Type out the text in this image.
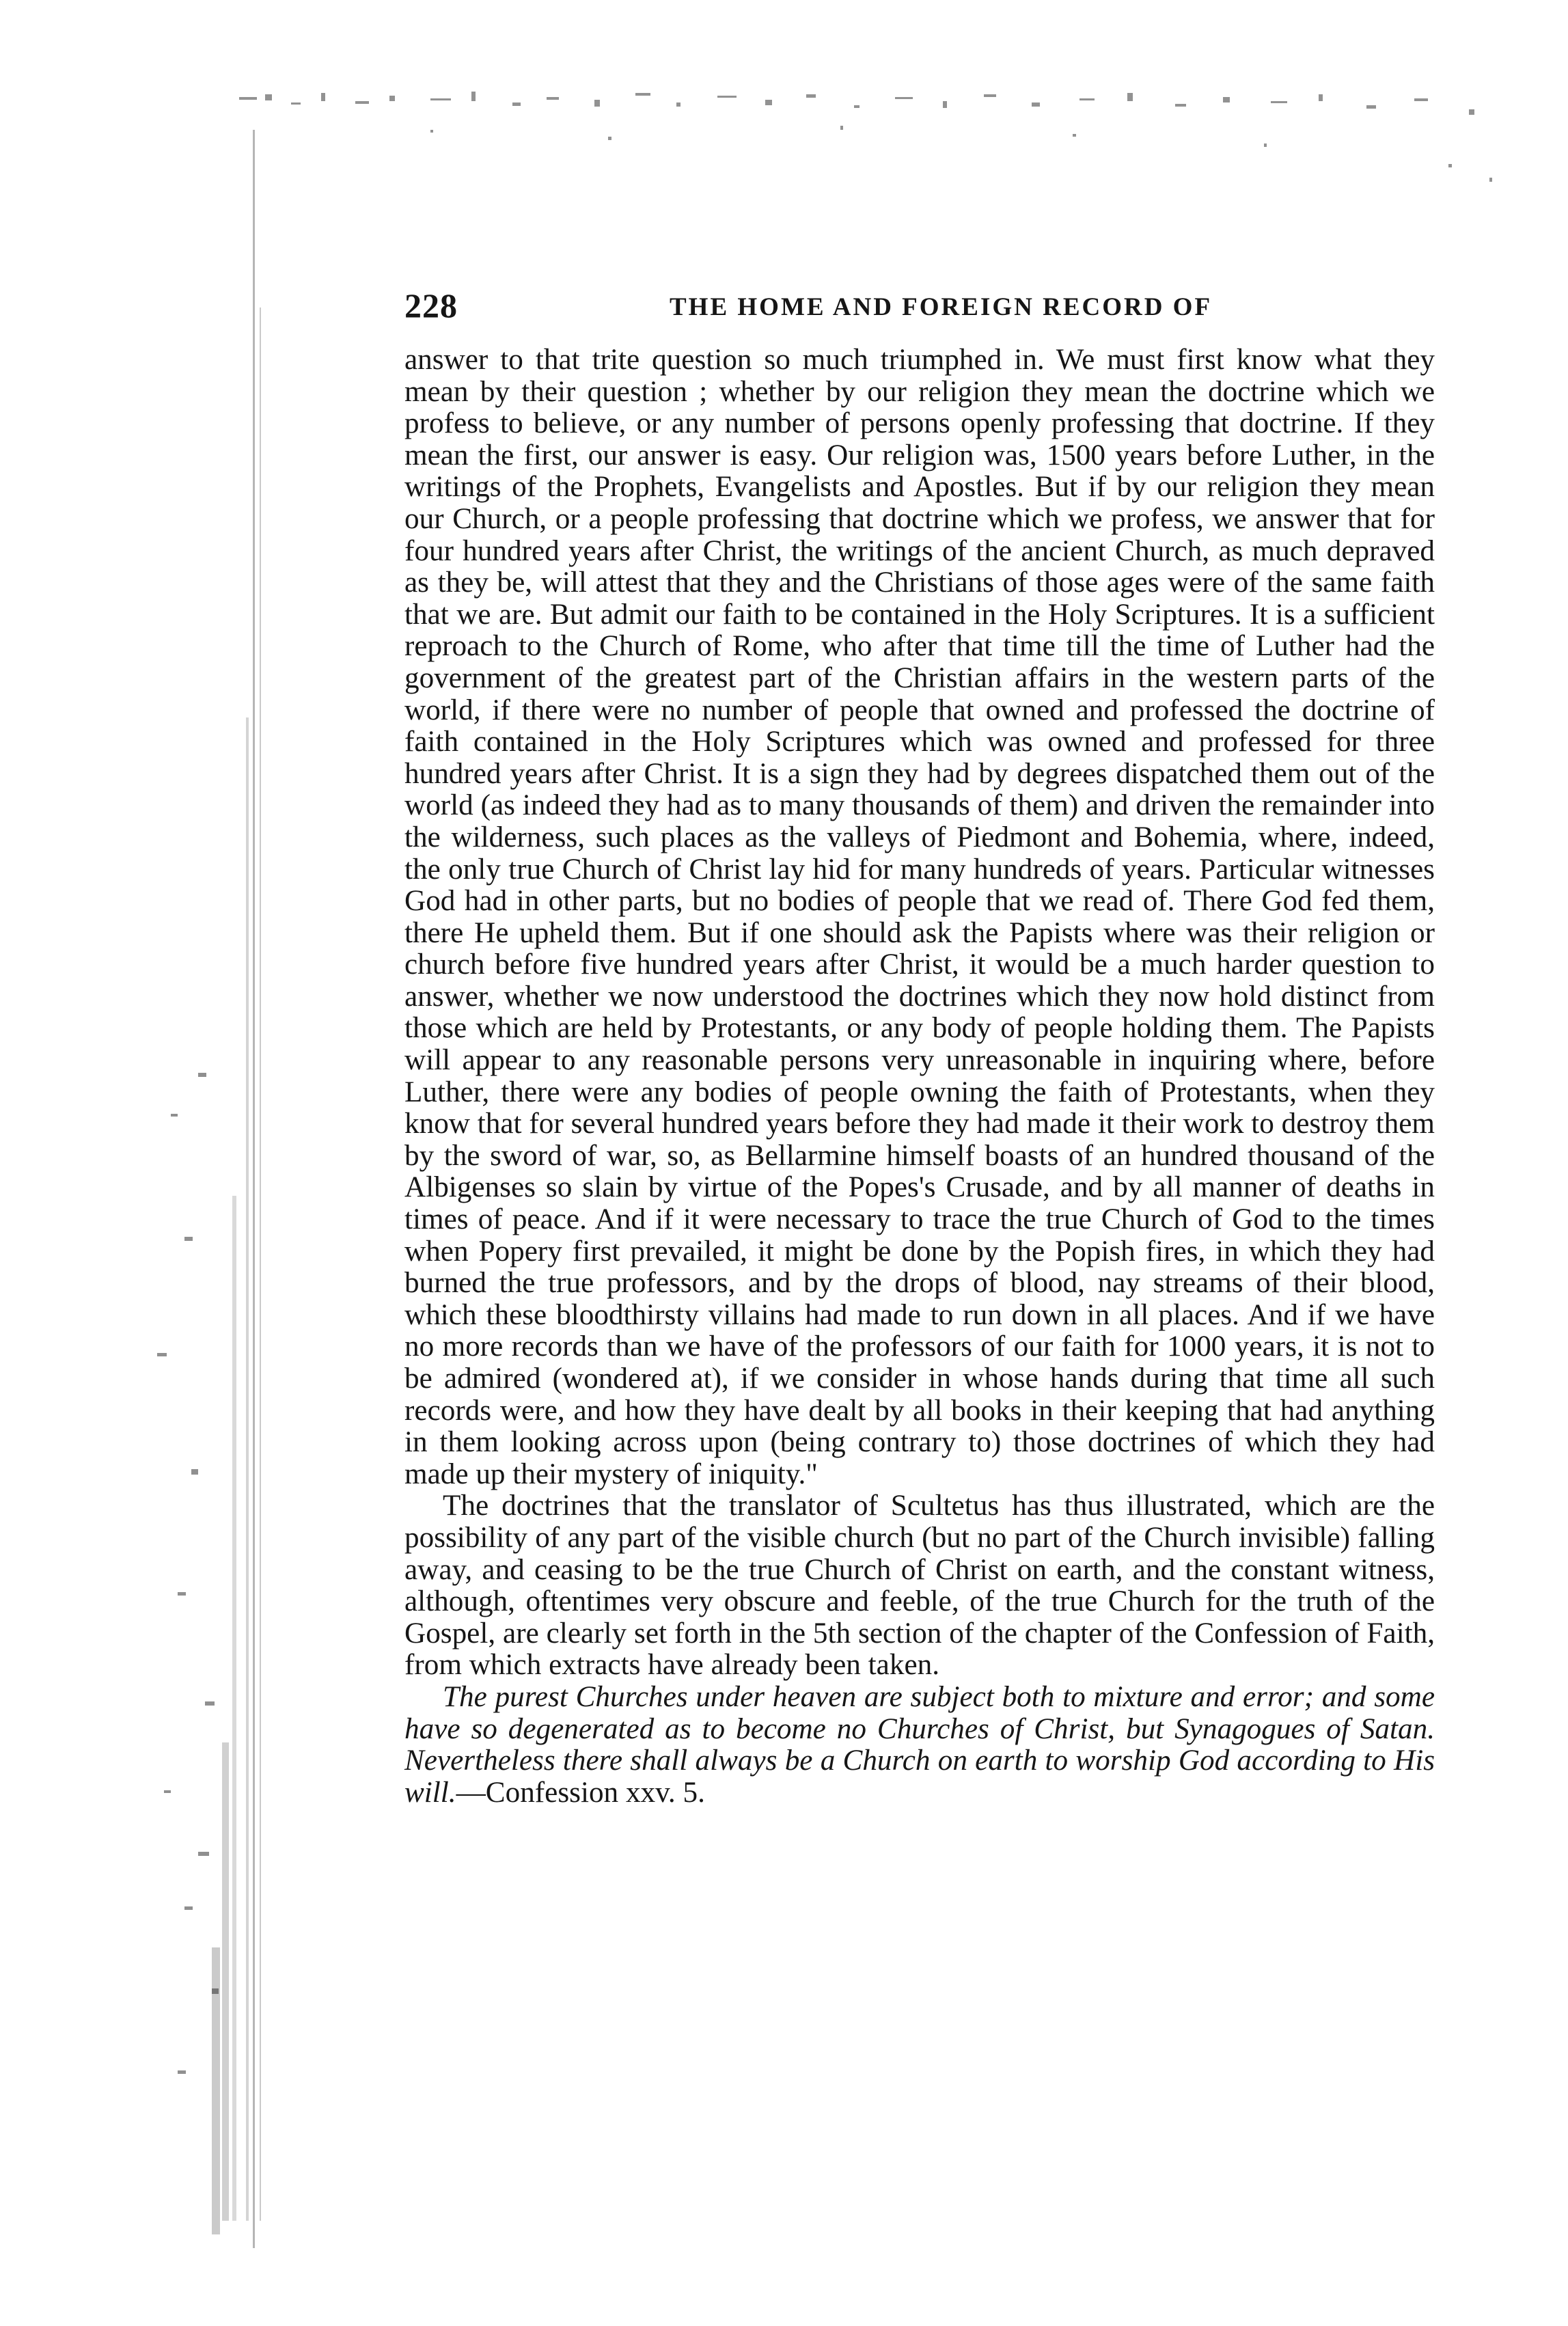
228	THE HOME AND FOREIGN RECORD OF

answer to that trite question so much triumphed in. We must first know what they mean by their question ; whether by our religion they mean the doctrine which we profess to believe, or any number of persons openly professing that doctrine. If they mean the first, our answer is easy. Our religion was, 1500 years before Luther, in the writings of the Prophets, Evangelists and Apostles. But if by our religion they mean our Church, or a people professing that doctrine which we profess, we answer that for four hundred years after Christ, the writings of the ancient Church, as much depraved as they be, will attest that they and the Christians of those ages were of the same faith that we are. But admit our faith to be contained in the Holy Scriptures. It is a sufficient reproach to the Church of Rome, who after that time till the time of Luther had the government of the greatest part of the Christian affairs in the western parts of the world, if there were no number of people that owned and professed the doctrine of faith contained in the Holy Scriptures which was owned and professed for three hundred years after Christ. It is a sign they had by degrees dispatched them out of the world (as indeed they had as to many thousands of them) and driven the remainder into the wilderness, such places as the valleys of Piedmont and Bohemia, where, indeed, the only true Church of Christ lay hid for many hundreds of years. Particular witnesses God had in other parts, but no bodies of people that we read of. There God fed them, there He upheld them. But if one should ask the Papists where was their religion or church before five hundred years after Christ, it would be a much harder question to answer, whether we now understood the doctrines which they now hold distinct from those which are held by Protestants, or any body of people holding them. The Papists will appear to any reasonable persons very unreasonable in inquiring where, before Luther, there were any bodies of people owning the faith of Protestants, when they know that for several hundred years before they had made it their work to destroy them by the sword of war, so, as Bellarmine himself boasts of an hundred thousand of the Albigenses so slain by virtue of the Popes's Crusade, and by all manner of deaths in times of peace. And if it were necessary to trace the true Church of God to the times when Popery first prevailed, it might be done by the Popish fires, in which they had burned the true professors, and by the drops of blood, nay streams of their blood, which these bloodthirsty villains had made to run down in all places. And if we have no more records than we have of the professors of our faith for 1000 years, it is not to be admired (wondered at), if we consider in whose hands during that time all such records were, and how they have dealt by all books in their keeping that had anything in them looking across upon (being contrary to) those doctrines of which they had made up their mystery of iniquity."

The doctrines that the translator of Scultetus has thus illustrated, which are the possibility of any part of the visible church (but no part of the Church invisible) falling away, and ceasing to be the true Church of Christ on earth, and the constant witness, although, oftentimes very obscure and feeble, of the true Church for the truth of the Gospel, are clearly set forth in the 5th section of the chapter of the Confession of Faith, from which extracts have already been taken.

The purest Churches under heaven are subject both to mixture and error; and some have so degenerated as to become no Churches of Christ, but Synagogues of Satan. Nevertheless there shall always be a Church on earth to worship God according to His will.—Confession xxv. 5.
